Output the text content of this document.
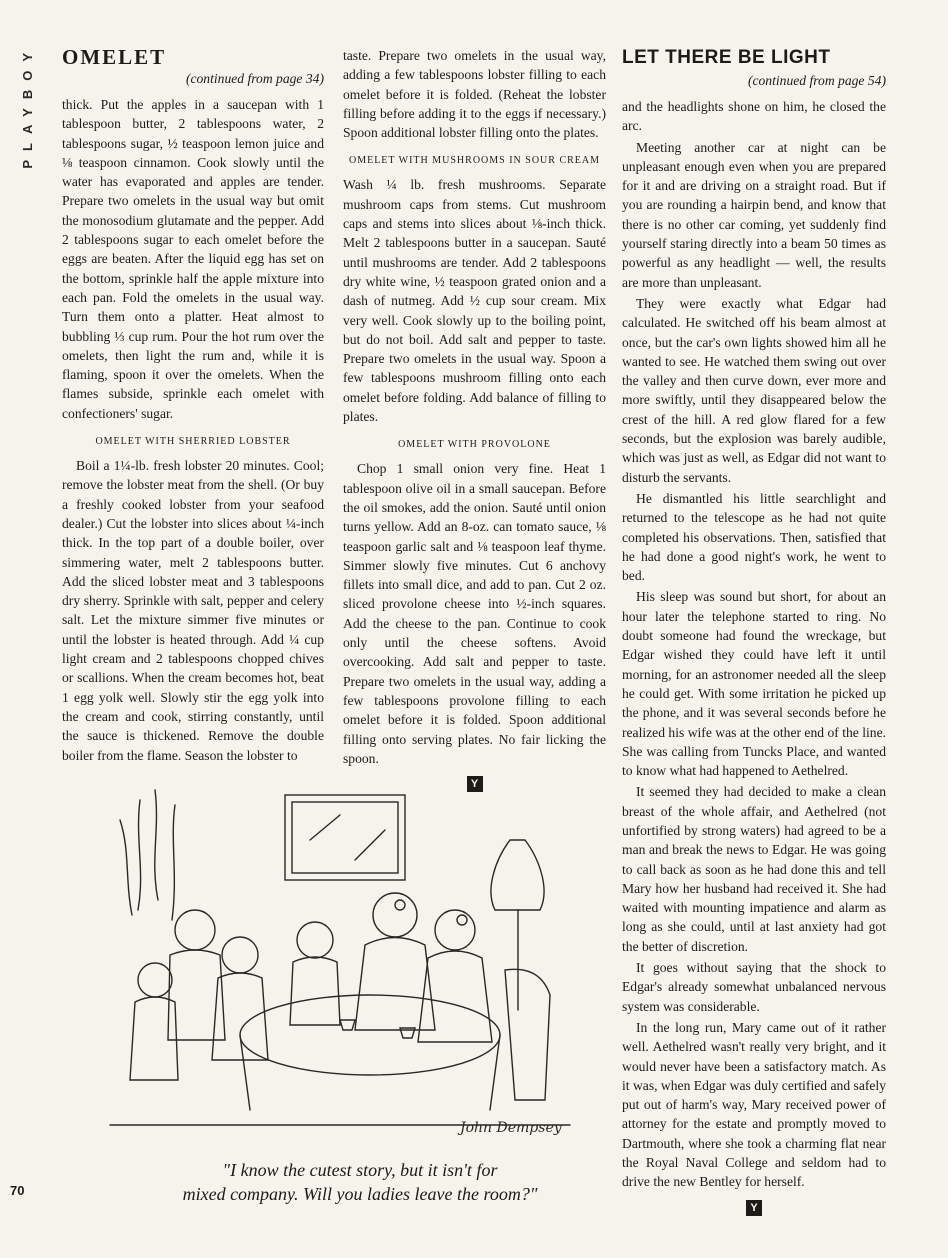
PLAYBOY
70
OMELET
(continued from page 34)

thick. Put the apples in a saucepan with 1 tablespoon butter, 2 tablespoons water, 2 tablespoons sugar, ½ teaspoon lemon juice and ⅛ teaspoon cinnamon. Cook slowly until the water has evaporated and apples are tender. Prepare two omelets in the usual way but omit the monosodium glutamate and the pepper. Add 2 tablespoons sugar to each omelet before the eggs are beaten. After the liquid egg has set on the bottom, sprinkle half the apple mixture into each pan. Fold the omelets in the usual way. Turn them onto a platter. Heat almost to bubbling ⅓ cup rum. Pour the hot rum over the omelets, then light the rum and, while it is flaming, spoon it over the omelets. When the flames subside, sprinkle each omelet with confectioners' sugar.

OMELET WITH SHERRIED LOBSTER

Boil a 1¼-lb. fresh lobster 20 minutes. Cool; remove the lobster meat from the shell. (Or buy a freshly cooked lobster from your seafood dealer.) Cut the lobster into slices about ¼-inch thick. In the top part of a double boiler, over simmering water, melt 2 tablespoons butter. Add the sliced lobster meat and 3 tablespoons dry sherry. Sprinkle with salt, pepper and celery salt. Let the mixture simmer five minutes or until the lobster is heated through. Add ¼ cup light cream and 2 tablespoons chopped chives or scallions. When the cream becomes hot, beat 1 egg yolk well. Slowly stir the egg yolk into the cream and cook, stirring constantly, until the sauce is thickened. Remove the double boiler from the flame. Season the lobster to

taste. Prepare two omelets in the usual way, adding a few tablespoons lobster filling to each omelet before it is folded. (Reheat the lobster filling before adding it to the eggs if necessary.) Spoon additional lobster filling onto the plates.

OMELET WITH MUSHROOMS IN SOUR CREAM

Wash ¼ lb. fresh mushrooms. Separate mushroom caps from stems. Cut mushroom caps and stems into slices about ⅛-inch thick. Melt 2 tablespoons butter in a saucepan. Sauté until mushrooms are tender. Add 2 tablespoons dry white wine, ½ teaspoon grated onion and a dash of nutmeg. Add ½ cup sour cream. Mix very well. Cook slowly up to the boiling point, but do not boil. Add salt and pepper to taste. Prepare two omelets in the usual way. Spoon a few tablespoons mushroom filling onto each omelet before folding. Add balance of filling to plates.

OMELET WITH PROVOLONE

Chop 1 small onion very fine. Heat 1 tablespoon olive oil in a small saucepan. Before the oil smokes, add the onion. Sauté until onion turns yellow. Add an 8-oz. can tomato sauce, ⅛ teaspoon garlic salt and ⅛ teaspoon leaf thyme. Simmer slowly five minutes. Cut 6 anchovy fillets into small dice, and add to pan. Cut 2 oz. sliced provolone cheese into ½-inch squares. Add the cheese to the pan. Continue to cook only until the cheese softens. Avoid overcooking. Add salt and pepper to taste. Prepare two omelets in the usual way, adding a few tablespoons provolone filling to each omelet before it is folded. Spoon additional filling onto serving plates. No fair licking the spoon.

Y
LET THERE BE LIGHT
(continued from page 54)

and the headlights shone on him, he closed the arc.

Meeting another car at night can be unpleasant enough even when you are prepared for it and are driving on a straight road. But if you are rounding a hairpin bend, and know that there is no other car coming, yet suddenly find yourself staring directly into a beam 50 times as powerful as any headlight — well, the results are more than unpleasant.

They were exactly what Edgar had calculated. He switched off his beam almost at once, but the car's own lights showed him all he wanted to see. He watched them swing out over the valley and then curve down, ever more and more swiftly, until they disappeared below the crest of the hill. A red glow flared for a few seconds, but the explosion was barely audible, which was just as well, as Edgar did not want to disturb the servants.

He dismantled his little searchlight and returned to the telescope as he had not quite completed his observations. Then, satisfied that he had done a good night's work, he went to bed.

His sleep was sound but short, for about an hour later the telephone started to ring. No doubt someone had found the wreckage, but Edgar wished they could have left it until morning, for an astronomer needed all the sleep he could get. With some irritation he picked up the phone, and it was several seconds before he realized his wife was at the other end of the line. She was calling from Tuncks Place, and wanted to know what had happened to Aethelred.

It seemed they had decided to make a clean breast of the whole affair, and Aethelred (not unfortified by strong waters) had agreed to be a man and break the news to Edgar. He was going to call back as soon as he had done this and tell Mary how her husband had received it. She had waited with mounting impatience and alarm as long as she could, until at last anxiety had got the better of discretion.

It goes without saying that the shock to Edgar's already somewhat unbalanced nervous system was considerable.

In the long run, Mary came out of it rather well. Aethelred wasn't really very bright, and it would never have been a satisfactory match. As it was, when Edgar was duly certified and safely put out of harm's way, Mary received power of attorney for the estate and promptly moved to Dartmouth, where she took a charming flat near the Royal Naval College and seldom had to drive the new Bentley for herself.

Y
John Dempsey
"I know the cutest story, but it isn't for
mixed company. Will you ladies leave the room?"
